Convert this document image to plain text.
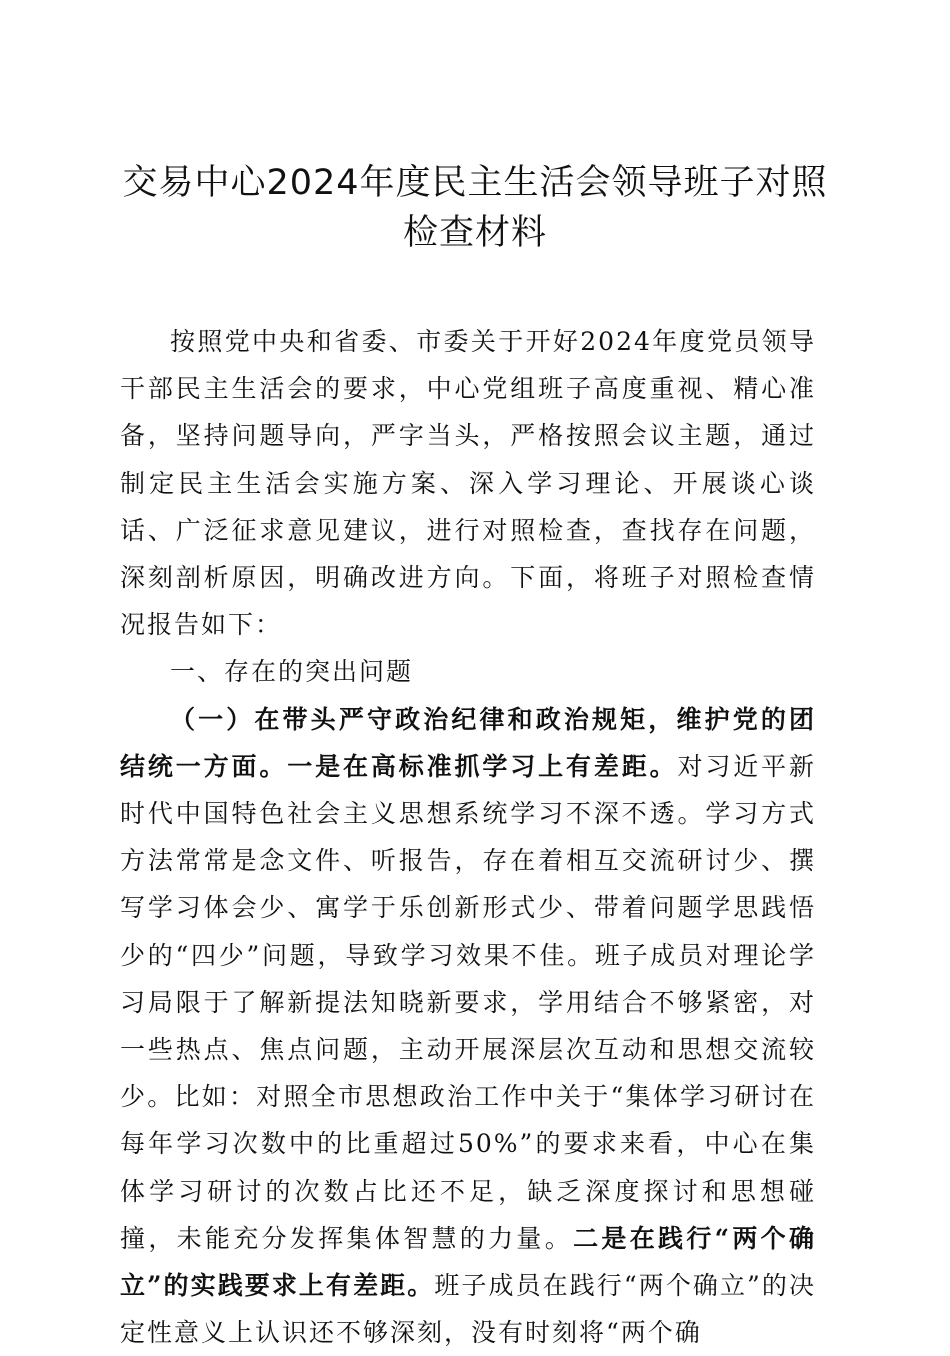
交易中心2024年度民主生活会领导班子对照
检查材料

按照党中央和省委、市委关于开好2024年度党员领导干部民主生活会的要求，中心党组班子高度重视、精心准备，坚持问题导向，严字当头，严格按照会议主题，通过制定民主生活会实施方案、深入学习理论、开展谈心谈话、广泛征求意见建议，进行对照检查，查找存在问题，深刻剖析原因，明确改进方向。下面，将班子对照检查情况报告如下：

一、存在的突出问题

（一）在带头严守政治纪律和政治规矩，维护党的团结统一方面。一是在高标准抓学习上有差距。对习近平新时代中国特色社会主义思想系统学习不深不透。学习方式方法常常是念文件、听报告，存在着相互交流研讨少、撰写学习体会少、寓学于乐创新形式少、带着问题学思践悟少的“四少”问题，导致学习效果不佳。班子成员对理论学习局限于了解新提法知晓新要求，学用结合不够紧密，对一些热点、焦点问题，主动开展深层次互动和思想交流较少。比如：对照全市思想政治工作中关于“集体学习研讨在每年学习次数中的比重超过50%”的要求来看，中心在集体学习研讨的次数占比还不足，缺乏深度探讨和思想碰撞，未能充分发挥集体智慧的力量。二是在践行“两个确立”的实践要求上有差距。班子成员在践行“两个确立”的决定性意义上认识还不够深刻，没有时刻将“两个确
